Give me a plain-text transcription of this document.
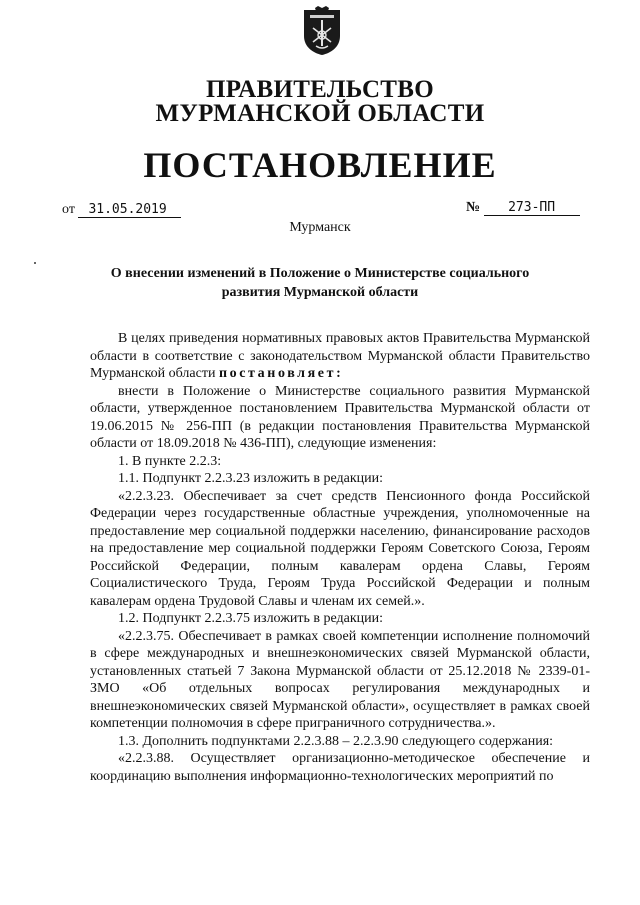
ПРАВИТЕЛЬСТВО
МУРМАНСКОЙ ОБЛАСТИ
ПОСТАНОВЛЕНИЕ
от 31.05.2019	№ 273-ПП
Мурманск
О внесении изменений в Положение о Министерстве социального
развития Мурманской области

В целях приведения нормативных правовых актов Правительства Мурманской области в соответствие с законодательством Мурманской области Правительство Мурманской области постановляет:

внести в Положение о Министерстве социального развития Мурманской области, утвержденное постановлением Правительства Мурманской области от 19.06.2015 № 256-ПП (в редакции постановления Правительства Мурманской области от 18.09.2018 № 436-ПП), следующие изменения:

1. В пункте 2.2.3:

1.1. Подпункт 2.2.3.23 изложить в редакции:

«2.2.3.23. Обеспечивает за счет средств Пенсионного фонда Российской Федерации через государственные областные учреждения, уполномоченные на предоставление мер социальной поддержки населению, финансирование расходов на предоставление мер социальной поддержки Героям Советского Союза, Героям Российской Федерации, полным кавалерам ордена Славы, Героям Социалистического Труда, Героям Труда Российской Федерации и полным кавалерам ордена Трудовой Славы и членам их семей.».

1.2. Подпункт 2.2.3.75 изложить в редакции:

«2.2.3.75. Обеспечивает в рамках своей компетенции исполнение полномочий в сфере международных и внешнеэкономических связей Мурманской области, установленных статьей 7 Закона Мурманской области от 25.12.2018 № 2339-01-ЗМО «Об отдельных вопросах регулирования международных и внешнеэкономических связей Мурманской области», осуществляет в рамках своей компетенции полномочия в сфере приграничного сотрудничества.».

1.3. Дополнить подпунктами 2.2.3.88 – 2.2.3.90 следующего содержания:

«2.2.3.88. Осуществляет организационно-методическое обеспечение и координацию выполнения информационно-технологических мероприятий по
